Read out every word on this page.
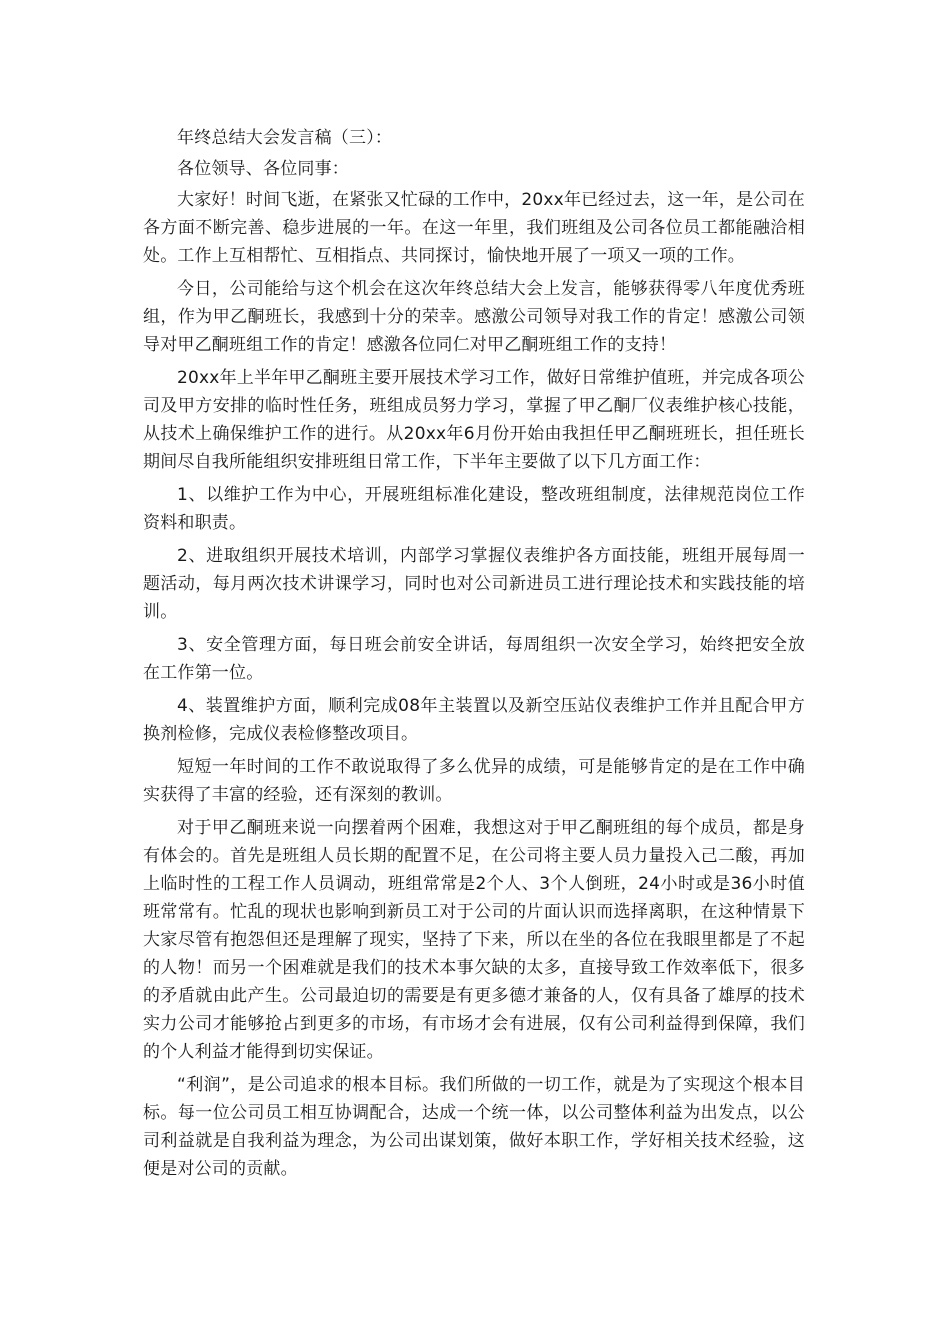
年终总结大会发言稿（三）：

各位领导、各位同事：

大家好！时间飞逝，在紧张又忙碌的工作中，20xx年已经过去，这一年，是公司在各方面不断完善、稳步进展的一年。在这一年里，我们班组及公司各位员工都能融洽相处。工作上互相帮忙、互相指点、共同探讨，愉快地开展了一项又一项的工作。

今日，公司能给与这个机会在这次年终总结大会上发言，能够获得零八年度优秀班组，作为甲乙酮班长，我感到十分的荣幸。感激公司领导对我工作的肯定！感激公司领导对甲乙酮班组工作的肯定！感激各位同仁对甲乙酮班组工作的支持！

20xx年上半年甲乙酮班主要开展技术学习工作，做好日常维护值班，并完成各项公司及甲方安排的临时性任务，班组成员努力学习，掌握了甲乙酮厂仪表维护核心技能，从技术上确保维护工作的进行。从20xx年6月份开始由我担任甲乙酮班班长，担任班长期间尽自我所能组织安排班组日常工作，下半年主要做了以下几方面工作：

1、以维护工作为中心，开展班组标准化建设，整改班组制度，法律规范岗位工作资料和职责。

2、进取组织开展技术培训，内部学习掌握仪表维护各方面技能，班组开展每周一题活动，每月两次技术讲课学习，同时也对公司新进员工进行理论技术和实践技能的培训。

3、安全管理方面，每日班会前安全讲话，每周组织一次安全学习，始终把安全放在工作第一位。

4、装置维护方面，顺利完成08年主装置以及新空压站仪表维护工作并且配合甲方换剂检修，完成仪表检修整改项目。

短短一年时间的工作不敢说取得了多么优异的成绩，可是能够肯定的是在工作中确实获得了丰富的经验，还有深刻的教训。

对于甲乙酮班来说一向摆着两个困难，我想这对于甲乙酮班组的每个成员，都是身有体会的。首先是班组人员长期的配置不足，在公司将主要人员力量投入己二酸，再加上临时性的工程工作人员调动，班组常常是2个人、3个人倒班，24小时或是36小时值班常常有。忙乱的现状也影响到新员工对于公司的片面认识而选择离职，在这种情景下大家尽管有抱怨但还是理解了现实，坚持了下来，所以在坐的各位在我眼里都是了不起的人物！而另一个困难就是我们的技术本事欠缺的太多，直接导致工作效率低下，很多的矛盾就由此产生。公司最迫切的需要是有更多德才兼备的人，仅有具备了雄厚的技术实力公司才能够抢占到更多的市场，有市场才会有进展，仅有公司利益得到保障，我们的个人利益才能得到切实保证。

“利润”，是公司追求的根本目标。我们所做的一切工作，就是为了实现这个根本目标。每一位公司员工相互协调配合，达成一个统一体，以公司整体利益为出发点，以公司利益就是自我利益为理念，为公司出谋划策，做好本职工作，学好相关技术经验，这便是对公司的贡献。
